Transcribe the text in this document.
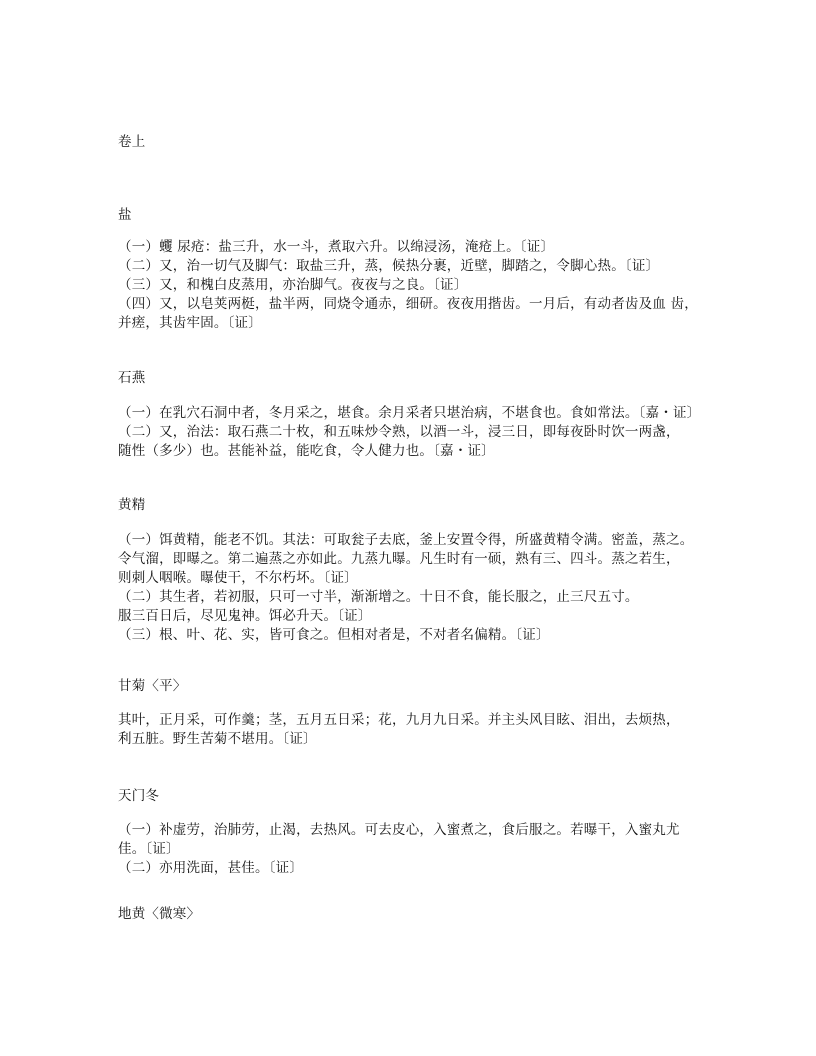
卷上
盐
（一）蠼 尿疮：盐三升，水一斗，煮取六升。以绵浸汤，淹疮上。〔证〕
（二）又，治一切气及脚气：取盐三升，蒸，候热分裹，近壁，脚踏之，令脚心热。〔证〕
（三）又，和槐白皮蒸用，亦治脚气。夜夜与之良。〔证〕
（四）又，以皂荚两梃，盐半两，同烧令通赤，细研。夜夜用揩齿。一月后，有动者齿及血 齿，
并瘥，其齿牢固。〔证〕
石燕
（一）在乳穴石洞中者，冬月采之，堪食。余月采者只堪治病，不堪食也。食如常法。〔嘉・证〕
（二）又，治法：取石燕二十枚，和五味炒令熟，以酒一斗，浸三日，即每夜卧时饮一两盏，
随性（多少）也。甚能补益，能吃食，令人健力也。〔嘉・证〕
黄精
（一）饵黄精，能老不饥。其法：可取瓮子去底，釜上安置令得，所盛黄精令满。密盖，蒸之。
令气溜，即曝之。第二遍蒸之亦如此。九蒸九曝。凡生时有一硕，熟有三、四斗。蒸之若生，
则刺人咽喉。曝使干，不尔朽坏。〔证〕
（二）其生者，若初服，只可一寸半，渐渐增之。十日不食，能长服之，止三尺五寸。
服三百日后，尽见鬼神。饵必升天。〔证〕
（三）根、叶、花、实，皆可食之。但相对者是，不对者名偏精。〔证〕
甘菊〈平〉
其叶，正月采，可作羹；茎，五月五日采；花，九月九日采。并主头风目眩、泪出，去烦热，
利五脏。野生苦菊不堪用。〔证〕
天门冬
（一）补虚劳，治肺劳，止渴，去热风。可去皮心，入蜜煮之，食后服之。若曝干，入蜜丸尤
佳。〔证〕
（二）亦用洗面，甚佳。〔证〕
地黄〈微寒〉
